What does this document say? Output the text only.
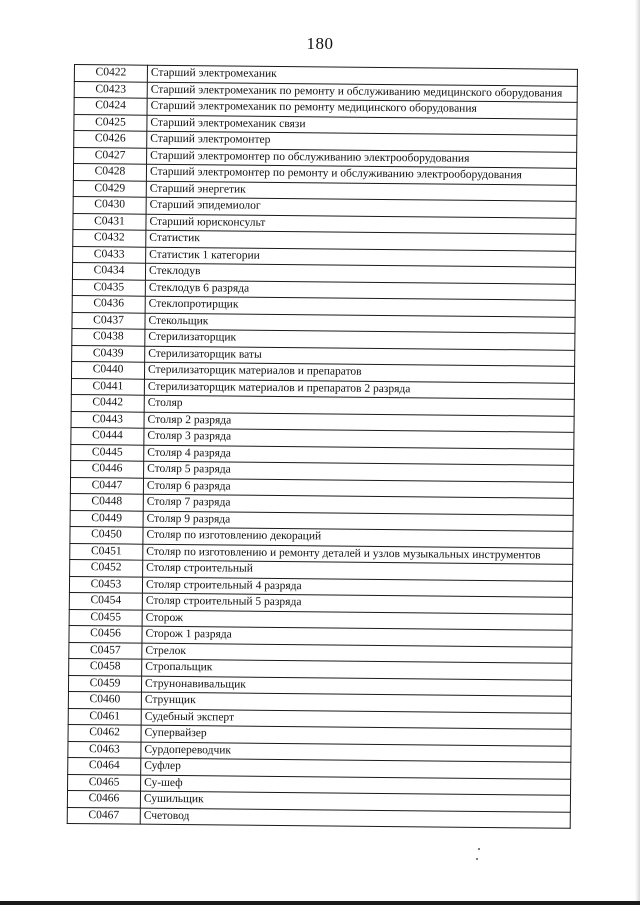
180
С0422	Старший электромеханик
С0423	Старший электромеханик по ремонту и обслуживанию медицинского оборудования
С0424	Старший электромеханик по ремонту медицинского оборудования
С0425	Старший электромеханик связи
С0426	Старший электромонтер
С0427	Старший электромонтер по обслуживанию электрооборудования
С0428	Старший электромонтер по ремонту и обслуживанию электрооборудования
С0429	Старший энергетик
С0430	Старший эпидемиолог
С0431	Старший юрисконсульт
С0432	Статистик
С0433	Статистик 1 категории
С0434	Стеклодув
С0435	Стеклодув 6 разряда
С0436	Стеклопротирщик
С0437	Стекольщик
С0438	Стерилизаторщик
С0439	Стерилизаторщик ваты
С0440	Стерилизаторщик материалов и препаратов
С0441	Стерилизаторщик материалов и препаратов 2 разряда
С0442	Столяр
С0443	Столяр 2 разряда
С0444	Столяр 3 разряда
С0445	Столяр 4 разряда
С0446	Столяр 5 разряда
С0447	Столяр 6 разряда
С0448	Столяр 7 разряда
С0449	Столяр 9 разряда
С0450	Столяр по изготовлению декораций
С0451	Столяр по изготовлению и ремонту деталей и узлов музыкальных инструментов
С0452	Столяр строительный
С0453	Столяр строительный 4 разряда
С0454	Столяр строительный 5 разряда
С0455	Сторож
С0456	Сторож 1 разряда
С0457	Стрелок
С0458	Стропальщик
С0459	Струнонавивальщик
С0460	Струнщик
С0461	Судебный эксперт
С0462	Супервайзер
С0463	Сурдопереводчик
С0464	Суфлер
С0465	Су-шеф
С0466	Сушильщик
С0467	Счетовод
